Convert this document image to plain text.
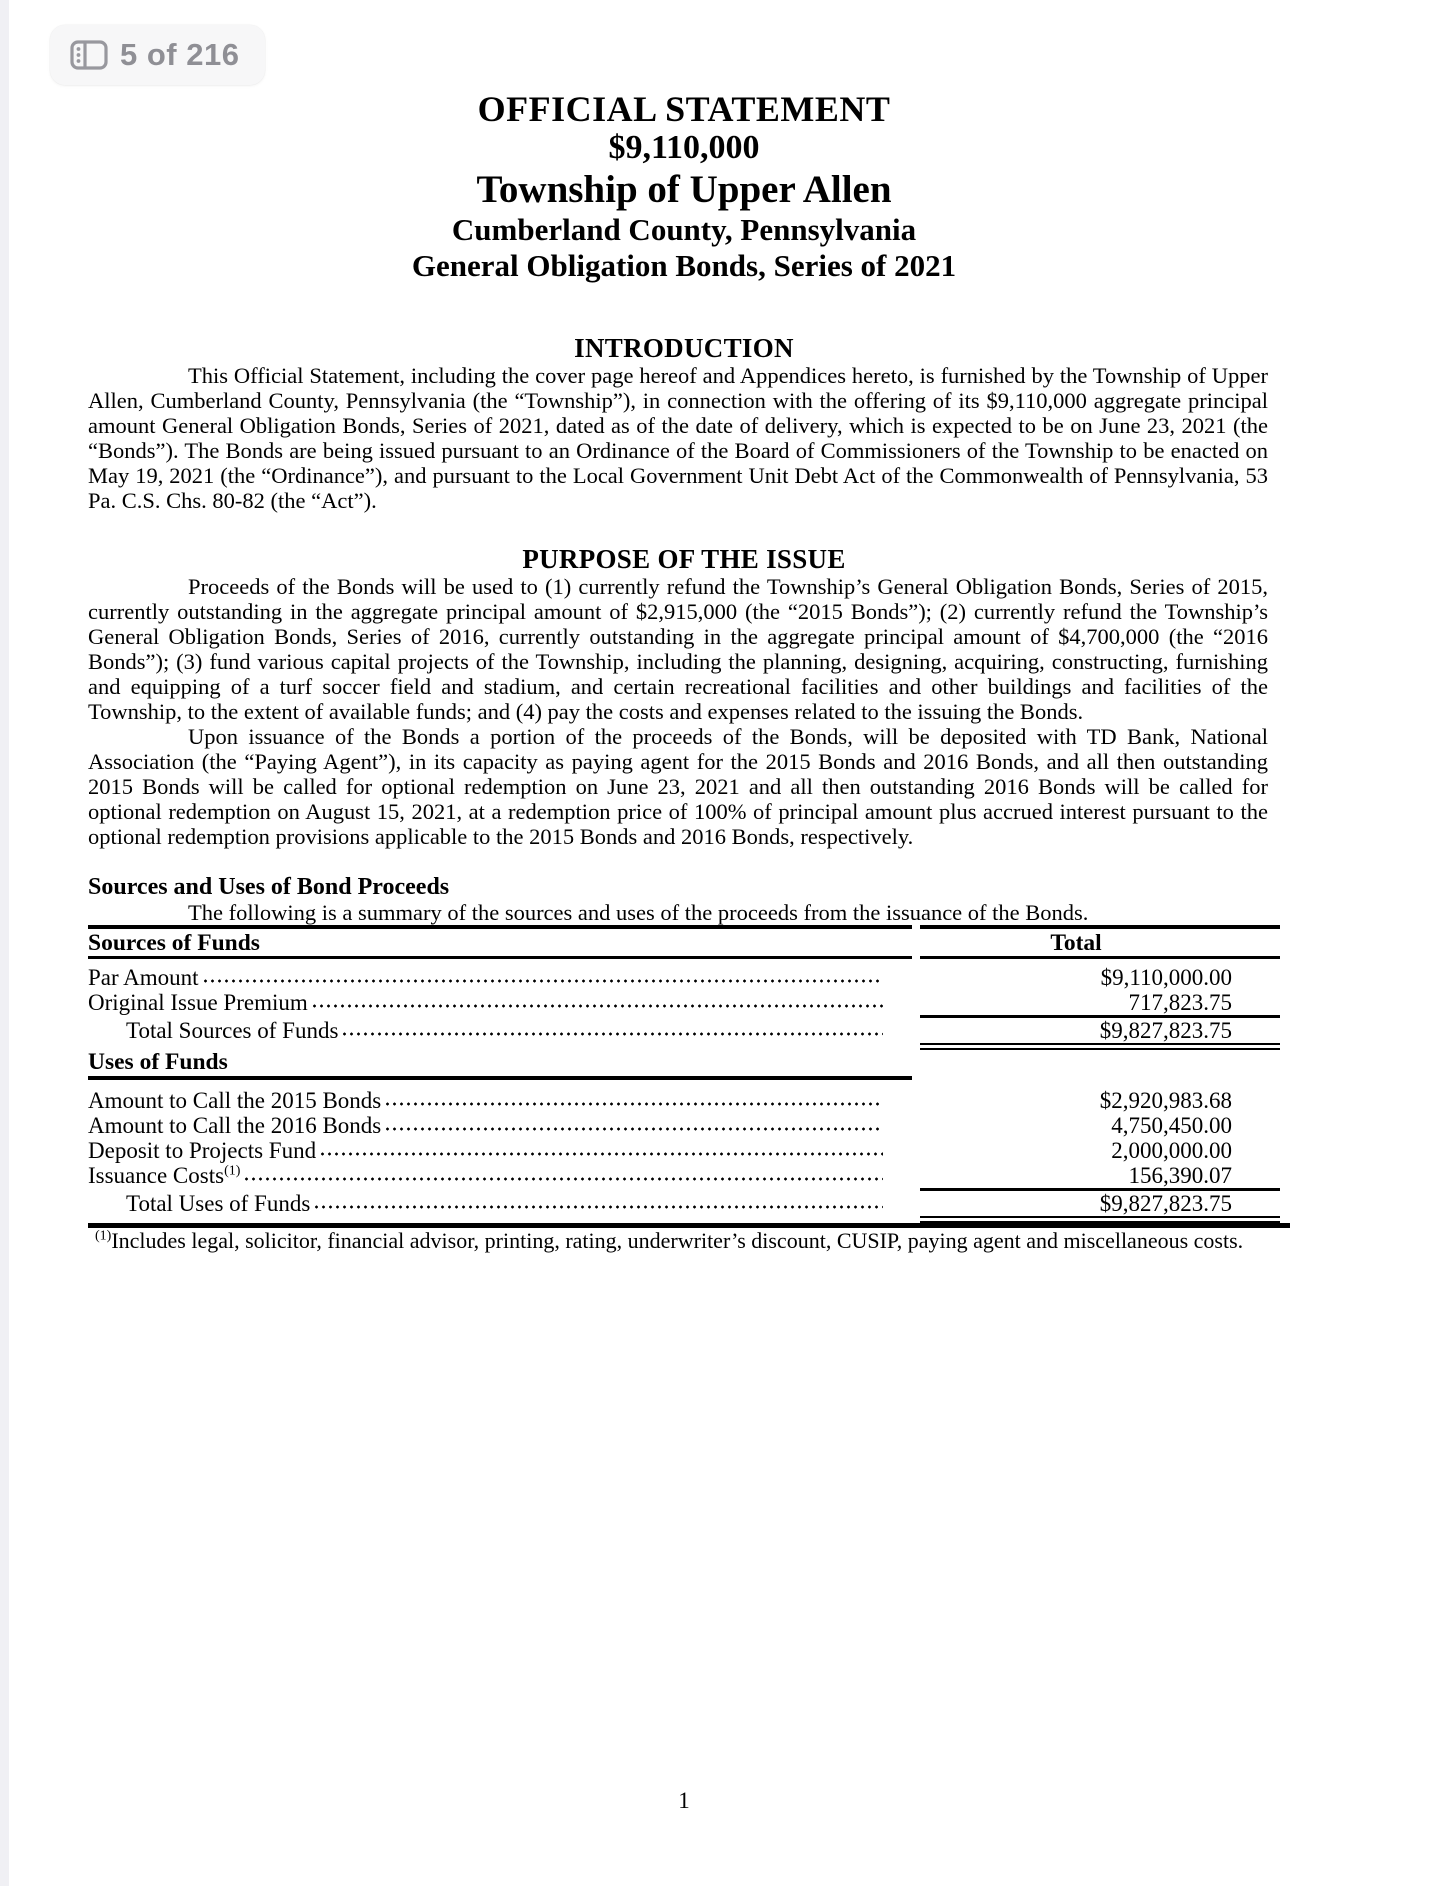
5 of 216
OFFICIAL STATEMENT
$9,110,000
Township of Upper Allen
Cumberland County, Pennsylvania
General Obligation Bonds, Series of 2021
INTRODUCTION

This Official Statement, including the cover page hereof and Appendices hereto, is furnished by the Township of Upper Allen, Cumberland County, Pennsylvania (the “Township”), in connection with the offering of its $9,110,000 aggregate principal amount General Obligation Bonds, Series of 2021, dated as of the date of delivery, which is expected to be on June 23, 2021 (the “Bonds”). The Bonds are being issued pursuant to an Ordinance of the Board of Commissioners of the Township to be enacted on May 19, 2021 (the “Ordinance”), and pursuant to the Local Government Unit Debt Act of the Commonwealth of Pennsylvania, 53 Pa. C.S. Chs. 80-82 (the “Act”).

PURPOSE OF THE ISSUE

Proceeds of the Bonds will be used to (1) currently refund the Township’s General Obligation Bonds, Series of 2015, currently outstanding in the aggregate principal amount of $2,915,000 (the “2015 Bonds”); (2) currently refund the Township’s General Obligation Bonds, Series of 2016, currently outstanding in the aggregate principal amount of $4,700,000 (the “2016 Bonds”); (3) fund various capital projects of the Township, including the planning, designing, acquiring, constructing, furnishing and equipping of a turf soccer field and stadium, and certain recreational facilities and other buildings and facilities of the Township, to the extent of available funds; and (4) pay the costs and expenses related to the issuing the Bonds.

Upon issuance of the Bonds a portion of the proceeds of the Bonds, will be deposited with TD Bank, National Association (the “Paying Agent”), in its capacity as paying agent for the 2015 Bonds and 2016 Bonds, and all then outstanding 2015 Bonds will be called for optional redemption on June 23, 2021 and all then outstanding 2016 Bonds will be called for optional redemption on August 15, 2021, at a redemption price of 100% of principal amount plus accrued interest pursuant to the optional redemption provisions applicable to the 2015 Bonds and 2016 Bonds, respectively.

Sources and Uses of Bond Proceeds

The following is a summary of the sources and uses of the proceeds from the issuance of the Bonds.

Sources of Funds	Total
Par Amount	$9,110,000.00
Original Issue Premium	717,823.75
Total Sources of Funds	$9,827,823.75
Uses of Funds
Amount to Call the 2015 Bonds	$2,920,983.68
Amount to Call the 2016 Bonds	4,750,450.00
Deposit to Projects Fund	2,000,000.00
Issuance Costs$^{(1)}$	156,390.07
Total Uses of Funds	$9,827,823.75

$^{(1)}$Includes legal, solicitor, financial advisor, printing, rating, underwriter’s discount, CUSIP, paying agent and miscellaneous costs.

1
